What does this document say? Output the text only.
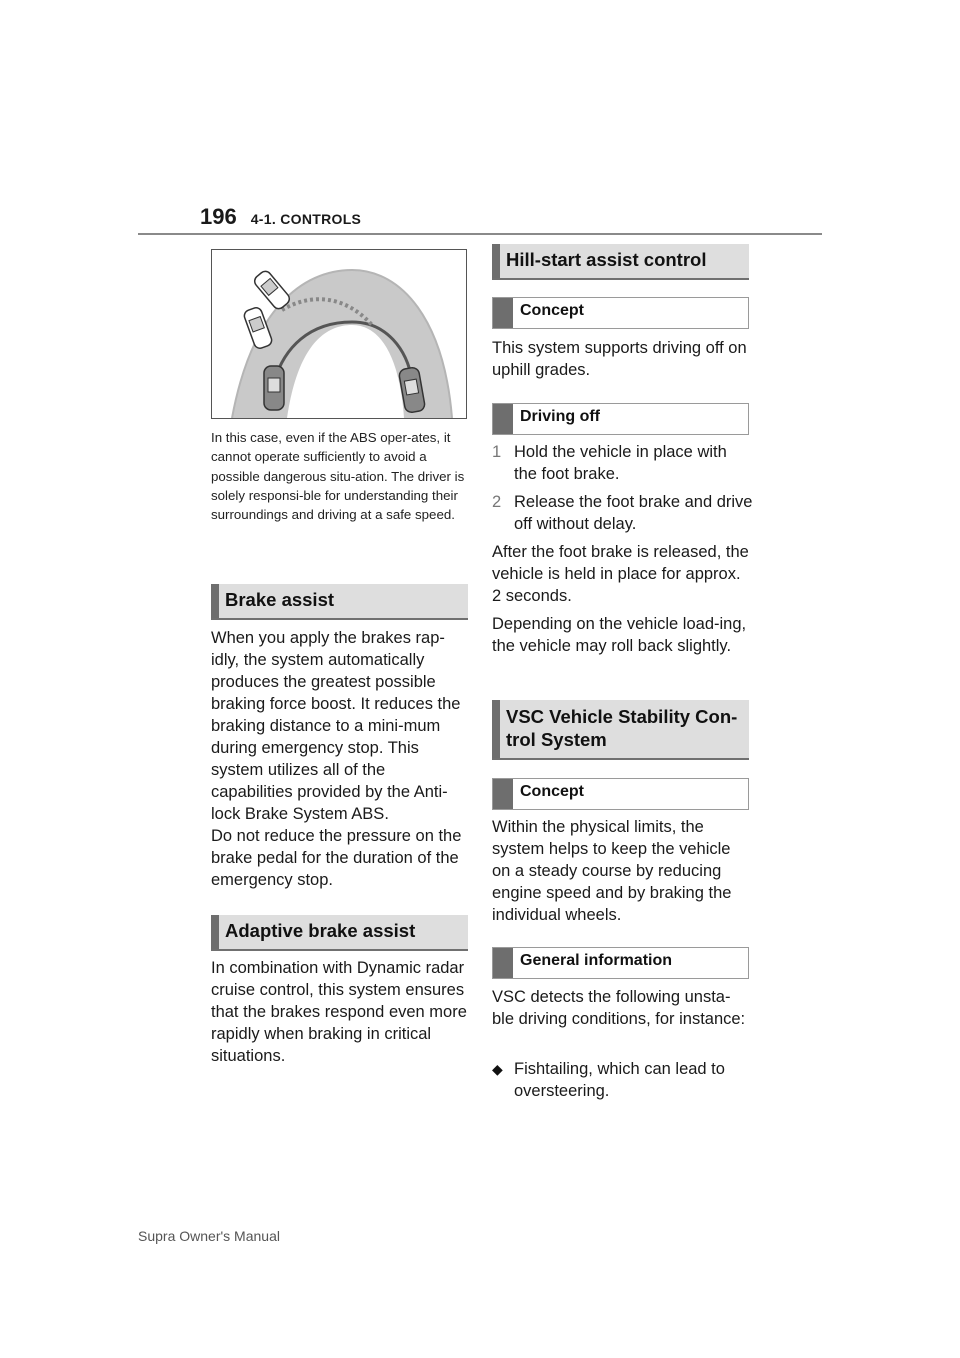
196 4-1. CONTROLS
In this case, even if the ABS oper-ates, it cannot operate sufficiently to avoid a possible dangerous situ-ation. The driver is solely responsi-ble for understanding their surroundings and driving at a safe speed.
Brake assist
When you apply the brakes rap-idly, the system automatically produces the greatest possible braking force boost. It reduces the braking distance to a mini-mum during emergency stop. This system utilizes all of the capabilities provided by the Anti-lock Brake System ABS.
Do not reduce the pressure on the brake pedal for the duration of the emergency stop.
Adaptive brake assist
In combination with Dynamic radar cruise control, this system ensures that the brakes respond even more rapidly when braking in critical situations.
Hill-start assist control
Concept
This system supports driving off on uphill grades.
Driving off
1 Hold the vehicle in place with the foot brake.
2 Release the foot brake and drive off without delay.
After the foot brake is released, the vehicle is held in place for approx. 2 seconds.
Depending on the vehicle load-ing, the vehicle may roll back slightly.
VSC Vehicle Stability Con-
trol System
Concept
Within the physical limits, the system helps to keep the vehicle on a steady course by reducing engine speed and by braking the individual wheels.
General information
VSC detects the following unsta-ble driving conditions, for instance:
◆ Fishtailing, which can lead to oversteering.
Supra Owner's Manual
